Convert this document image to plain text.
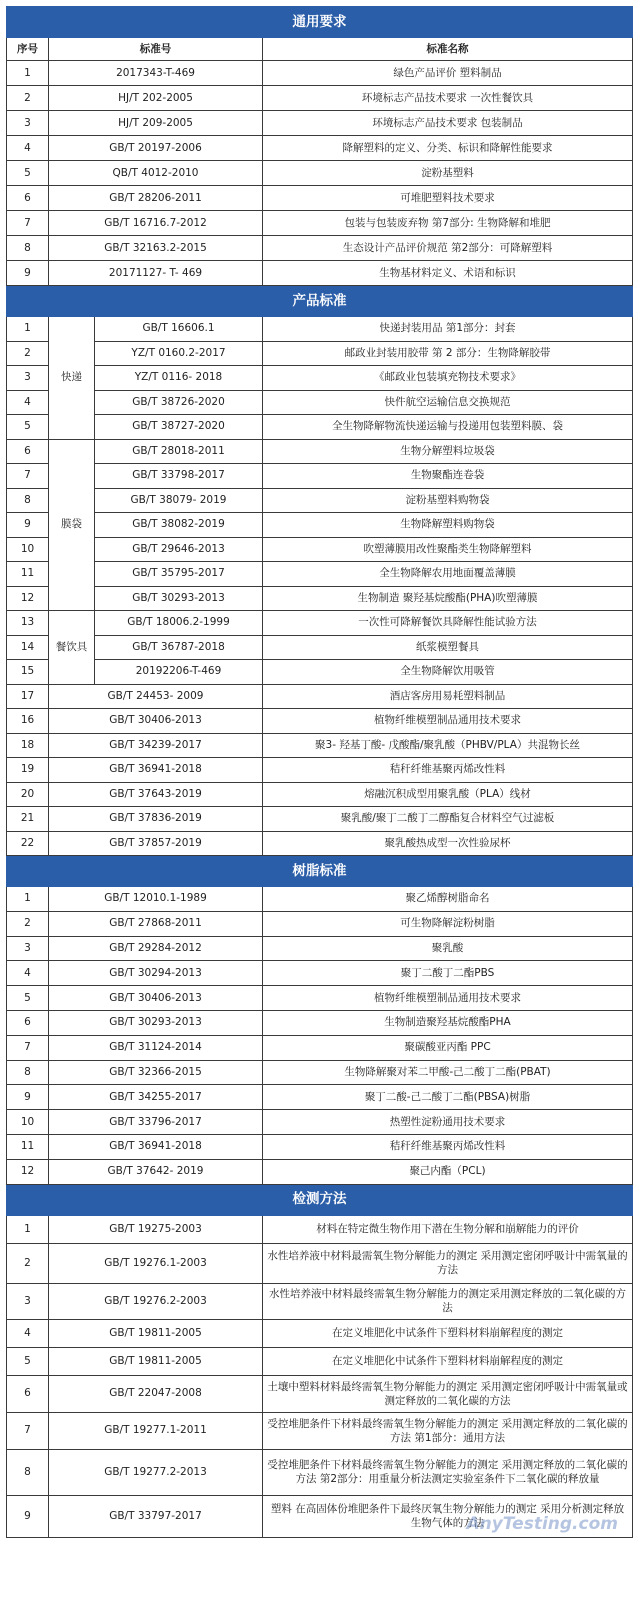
通用要求			
序号	标准号		标准名称
1	2017343-T-469		绿色产品评价 塑料制品
2	HJ/T 202-2005		环境标志产品技术要求 一次性餐饮具
3	HJ/T 209-2005		环境标志产品技术要求 包装制品
4	GB/T 20197-2006		降解塑料的定义、分类、标识和降解性能要求
5	QB/T 4012-2010		淀粉基塑料
6	GB/T 28206-2011		可堆肥塑料技术要求
7	GB/T 16716.7-2012		包装与包装废弃物 第7部分: 生物降解和堆肥
8	GB/T 32163.2-2015		生态设计产品评价规范 第2部分：可降解塑料
9	20171127- T- 469		生物基材料定义、术语和标识
产品标准			
1	快递	GB/T 16606.1	快递封装用品 第1部分：封套
2		YZ/T 0160.2-2017	邮政业封装用胶带 第 2 部分：生物降解胶带
3		YZ/T 0116- 2018	《邮政业包装填充物技术要求》
4		GB/T 38726-2020	快件航空运输信息交换规范
5		GB/T 38727-2020	全生物降解物流快递运输与投递用包装塑料膜、袋
6	膜袋	GB/T 28018-2011	生物分解塑料垃圾袋
7		GB/T 33798-2017	生物聚酯连卷袋
8		GB/T 38079- 2019	淀粉基塑料购物袋
9		GB/T 38082-2019	生物降解塑料购物袋
10		GB/T 29646-2013	吹塑薄膜用改性聚酯类生物降解塑料
11		GB/T 35795-2017	全生物降解农用地面覆盖薄膜
12		GB/T 30293-2013	生物制造 聚羟基烷酸酯(PHA)吹塑薄膜
13	餐饮具	GB/T 18006.2-1999	一次性可降解餐饮具降解性能试验方法
14		GB/T 36787-2018	纸浆模塑餐具
15		20192206-T-469	全生物降解饮用吸管
17	GB/T 24453- 2009		酒店客房用易耗塑料制品
16	GB/T 30406-2013		植物纤维模塑制品通用技术要求
18	GB/T 34239-2017		聚3- 羟基丁酸- 戊酸酯/聚乳酸（PHBV/PLA）共混物长丝
19	GB/T 36941-2018		秸秆纤维基聚丙烯改性料
20	GB/T 37643-2019		熔融沉积成型用聚乳酸（PLA）线材
21	GB/T 37836-2019		聚乳酸/聚丁二酸丁二醇酯复合材料空气过滤板
22	GB/T 37857-2019		聚乳酸热成型一次性验尿杯
树脂标准			
1	GB/T 12010.1-1989		聚乙烯醇树脂命名
2	GB/T 27868-2011		可生物降解淀粉树脂
3	GB/T 29284-2012		聚乳酸
4	GB/T 30294-2013		聚丁二酸丁二酯PBS
5	GB/T 30406-2013		植物纤维模塑制品通用技术要求
6	GB/T 30293-2013		生物制造聚羟基烷酸酯PHA
7	GB/T 31124-2014		聚碳酸亚丙酯 PPC
8	GB/T 32366-2015		生物降解聚对苯二甲酸-己二酸丁二酯(PBAT)
9	GB/T 34255-2017		聚丁二酸-己二酸丁二酯(PBSA)树脂
10	GB/T 33796-2017		热塑性淀粉通用技术要求
11	GB/T 36941-2018		秸秆纤维基聚丙烯改性料
12	GB/T 37642- 2019		聚己内酯（PCL)
检测方法			
1	GB/T 19275-2003		材料在特定微生物作用下潜在生物分解和崩解能力的评价
2	GB/T 19276.1-2003		水性培养液中材料最需氧生物分解能力的测定 采用测定密闭呼吸计中需氧量的方法
3	GB/T 19276.2-2003		水性培养液中材料最终需氧生物分解能力的测定采用测定释放的二氧化碳的方法
4	GB/T 19811-2005		在定义堆肥化中试条件下塑料材料崩解程度的测定
5	GB/T 19811-2005		在定义堆肥化中试条件下塑料材料崩解程度的测定
6	GB/T 22047-2008		土壤中塑料材料最终需氧生物分解能力的测定 采用测定密闭呼吸计中需氧量或测定释放的二氧化碳的方法
7	GB/T 19277.1-2011		受控堆肥条件下材料最终需氧生物分解能力的测定 采用测定释放的二氧化碳的方法 第1部分：通用方法
8	GB/T 19277.2-2013		受控堆肥条件下材料最终需氧生物分解能力的测定 采用测定释放的二氧化碳的方法 第2部分：用重量分析法测定实验室条件下二氧化碳的释放量
9	GB/T 33797-2017		塑料 在高固体份堆肥条件下最终厌氧生物分解能力的测定 采用分析测定释放生物气体的方法
AnyTesting.com
